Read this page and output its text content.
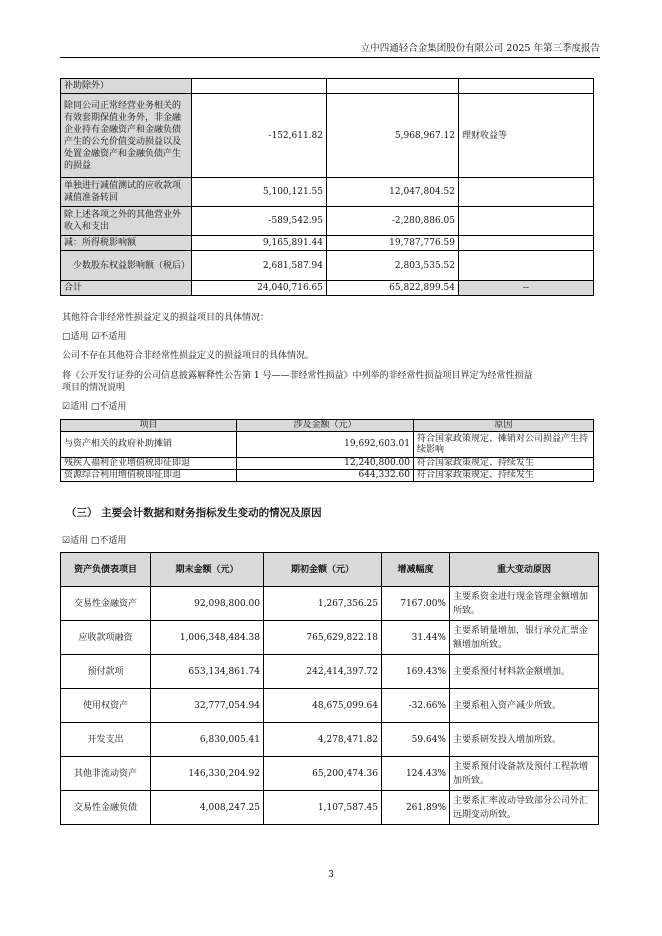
立中四通轻合金集团股份有限公司 2025 年第三季度报告
补助除外）			
除同公司正常经营业务相关的有效套期保值业务外，非金融企业持有金融资产和金融负债产生的公允价值变动损益以及处置金融资产和金融负债产生的损益	-152,611.82	5,968,967.12	理财收益等
单独进行减值测试的应收款项减值准备转回	5,100,121.55	12,047,804.52	
除上述各项之外的其他营业外收入和支出	-589,542.95	-2,280,886.05	
减：所得税影响额	9,165,891.44	19,787,776.59	
少数股东权益影响额（税后）	2,681,587.94	2,803,535.52	
合计	24,040,716.65	65,822,899.54	--
其他符合非经常性损益定义的损益项目的具体情况：
□适用 ☑不适用
公司不存在其他符合非经常性损益定义的损益项目的具体情况。
将《公开发行证券的公司信息披露解释性公告第 1 号——非经常性损益》中列举的非经常性损益项目界定为经常性损益
项目的情况说明
☑适用 □不适用
项目	涉及金额（元）	原因
与资产相关的政府补助摊销	19,692,603.01	符合国家政策规定、摊销对公司损益产生持续影响
残疾人福利企业增值税即征即退	12,240,800.00	符合国家政策规定、持续发生
资源综合利用增值税即征即退	644,332.60	符合国家政策规定、持续发生
（三） 主要会计数据和财务指标发生变动的情况及原因
☑适用 □不适用
资产负债表项目	期末金额（元）	期初金额（元）	增减幅度	重大变动原因
交易性金融资产	92,098,800.00	1,267,356.25	7167.00%	主要系资金进行现金管理金额增加所致。
应收款项融资	1,006,348,484.38	765,629,822.18	31.44%	主要系销量增加，银行承兑汇票金额增加所致。
预付款项	653,134,861.74	242,414,397.72	169.43%	主要系预付材料款金额增加。
使用权资产	32,777,054.94	48,675,099.64	-32.66%	主要系租入资产减少所致。
开发支出	6,830,005.41	4,278,471.82	59.64%	主要系研发投入增加所致。
其他非流动资产	146,330,204.92	65,200,474.36	124.43%	主要系预付设备款及预付工程款增加所致。
交易性金融负债	4,008,247.25	1,107,587.45	261.89%	主要系汇率波动导致部分公司外汇远期变动所致。
3
